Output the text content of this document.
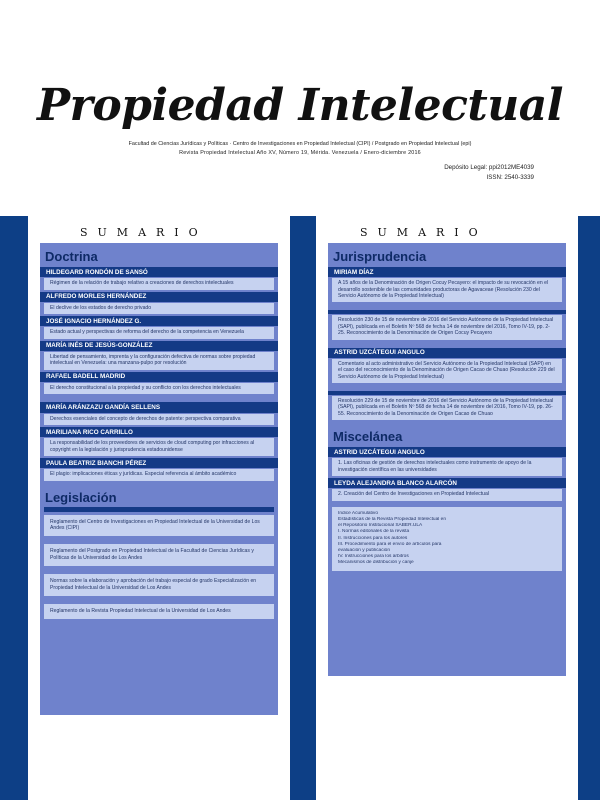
Propiedad Intelectual
Facultad de Ciencias Jurídicas y Políticas · Centro de Investigaciones en Propiedad Intelectual (CIPI) / Postgrado en Propiedad Intelectual (epi)
Revista Propiedad Intelectual Año XV, Número 19, Mérida. Venezuela / Enero-diciembre 2016
Depósito Legal: ppi2012ME4039
ISSN: 2540-3339
SUMARIO	SUMARIO
Doctrina
HILDEGARD RONDÓN DE SANSÓ
Régimen de la relación de trabajo relativo a creaciones de derechos intelectuales
ALFREDO MORLES HERNÁNDEZ
El declive de los estados de derecho privado
JOSÉ IGNACIO HERNÁNDEZ G.
Estado actual y perspectivas de reforma del derecho de la competencia en Venezuela
MARÍA INÉS DE JESÚS-GONZÁLEZ
Libertad de pensamiento, imprenta y la configuración defectiva de normas sobre propiedad intelectual en Venezuela: una manzana-pulpo por resolución
RAFAEL BADELL MADRID
El derecho constitucional a la propiedad y su conflicto con los derechos intelectuales
MARÍA ARÁNZAZU GANDÍA SELLENS
Derechos esenciales del concepto de derechos de patente: perspectiva comparativa
MARILIANA RICO CARRILLO
La responsabilidad de los proveedores de servicios de cloud computing por infracciones al copyright en la legislación y jurisprudencia estadounidense
PAULA BEATRIZ BIANCHI PÉREZ
El plagio: implicaciones éticas y jurídicas. Especial referencia al ámbito académico
Legislación
Reglamento del Centro de Investigaciones en Propiedad Intelectual de la Universidad de Los Andes (CIPI)
Reglamento del Postgrado en Propiedad Intelectual de la Facultad de Ciencias Jurídicas y Políticas de la Universidad de Los Andes
Normas sobre la elaboración y aprobación del trabajo especial de grado Especialización en Propiedad Intelectual de la Universidad de Los Andes
Reglamento de la Revista Propiedad Intelectual de la Universidad de Los Andes
Jurisprudencia
MIRIAM DÍAZ
A 15 años de la Denominación de Origen Cocuy Pecayero: el impacto de su revocación en el desarrollo sostenible de las comunidades productoras de Agavaceae (Resolución 230 del Servicio Autónomo de la Propiedad Intelectual)
Resolución 230 de 15 de noviembre de 2016 del Servicio Autónomo de la Propiedad Intelectual (SAPI), publicada en el Boletín Nº 568 de fecha 14 de noviembre del 2016, Tomo IV-19, pp. 2-25. Reconocimiento de la Denominación de Origen Cocuy Pecayero
ASTRID UZCÁTEGUI ANGULO
Comentario al acto administrativo del Servicio Autónomo de la Propiedad Intelectual (SAPI) en el caso del reconocimiento de la Denominación de Origen Cacao de Chuao (Resolución 229 del Servicio Autónomo de la Propiedad Intelectual)
Resolución 229 de 15 de noviembre de 2016 del Servicio Autónomo de la Propiedad Intelectual (SAPI), publicada en el Boletín Nº 568 de fecha 14 de noviembre del 2016, Tomo IV-19, pp. 26-55. Reconocimiento de la Denominación de Origen Cacao de Chuao
Miscelánea
ASTRID UZCÁTEGUI ANGULO
1. Las oficinas de gestión de derechos intelectuales como instrumento de apoyo de la investigación científica en las universidades
LEYDA ALEJANDRA BLANCO ALARCÓN
2. Creación del Centro de Investigaciones en Propiedad Intelectual
Índice Acumulativo
Estadísticas de la Revista Propiedad Intelectual en
el Repositorio Institucional SABER.ULA
I. Normas editoriales de la revista
II. Instrucciones para los autores
III. Procedimiento para el envío de artículos para
evaluación y publicación
IV. Instrucciones para los árbitros
Mecanismos de distribución y canje
